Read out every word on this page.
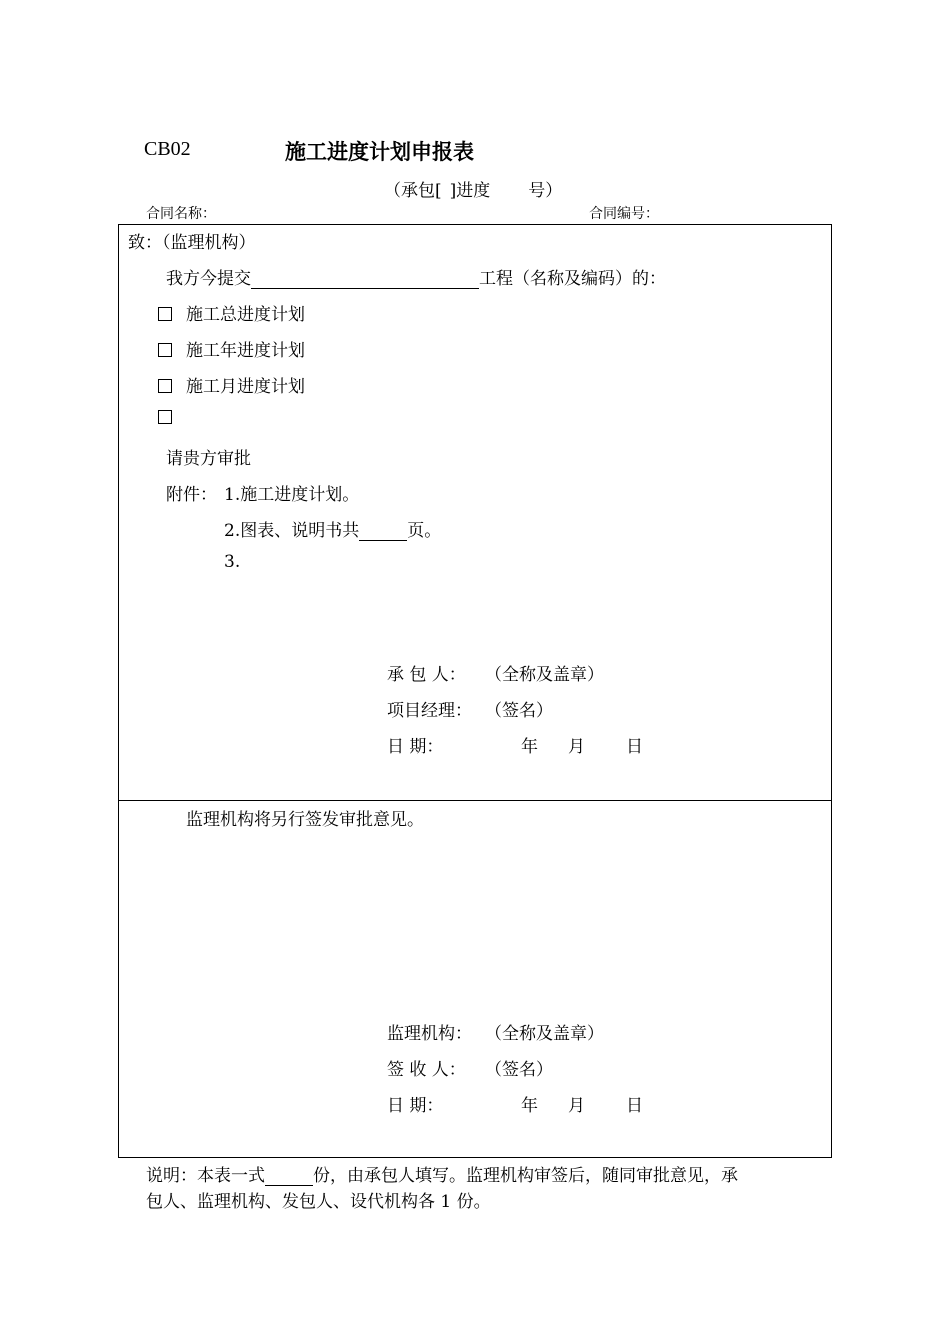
CB02	施工进度计划申报表
（承包[ ]进度 号）
合同名称：	合同编号：
致：（监理机构）
我方今提交	工程（名称及编码）的：
施工总进度计划
施工年进度计划
施工月进度计划
请贵方审批
附件： 1.施工进度计划。
2.图表、说明书共	页。
3.
承 包 人： （全称及盖章）
项目经理： （签名）
日 期：	年 月 日
监理机构将另行签发审批意见。
监理机构： （全称及盖章）
签 收 人： （签名）
日 期：	年 月 日
说明：本表一式	份，由承包人填写。监理机构审签后，随同审批意见，承
包人、监理机构、发包人、设代机构各 1 份。
